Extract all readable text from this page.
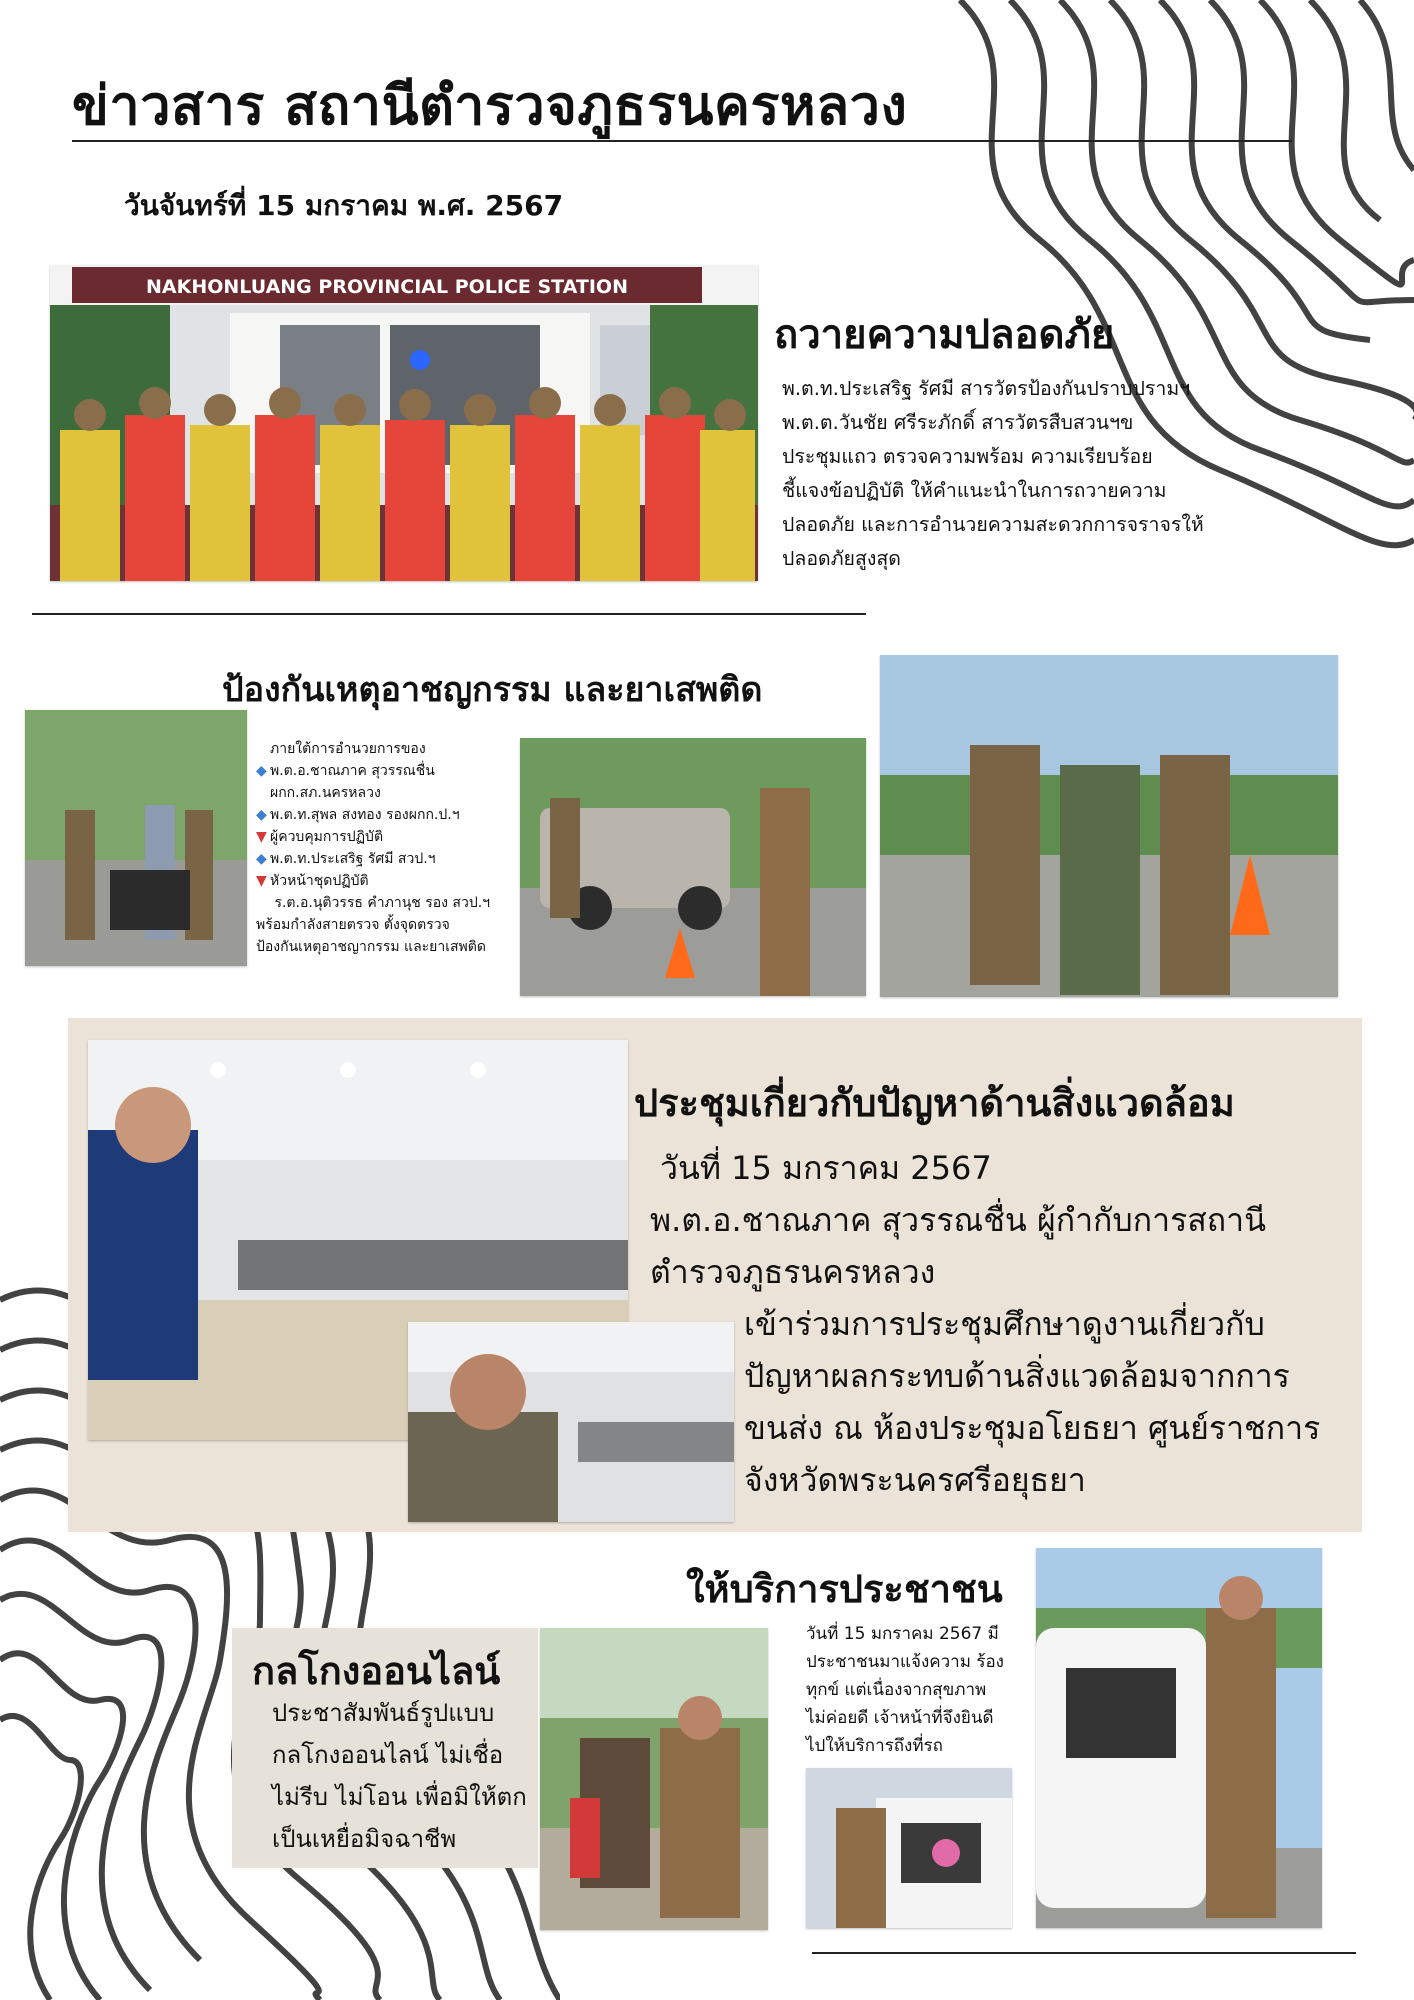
ข่าวสาร สถานีตำรวจภูธรนครหลวง
วันจันทร์ที่ 15 มกราคม พ.ศ. 2567
NAKHONLUANG PROVINCIAL POLICE STATION
ถวายความปลอดภัย

พ.ต.ท.ประเสริฐ รัศมี สารวัตรป้องกันปราบปรามฯ

พ.ต.ต.วันชัย ศรีระภักดิ์ สารวัตรสืบสวนฯข

ประชุมแถว ตรวจความพร้อม ความเรียบร้อย

ชี้แจงข้อปฏิบัติ ให้คำแนะนำในการถวายความ

ปลอดภัย และการอำนวยความสะดวกการจราจรให้

ปลอดภัยสูงสุด

ป้องกันเหตุอาชญกรรม และยาเสพติด

ภายใต้การอำนวยการของ

◆ พ.ต.อ.ชาณภาค สุวรรณชื่น

ผกก.สภ.นครหลวง

◆ พ.ต.ท.สุพล สงทอง รองผกก.ป.ฯ

▼ ผู้ควบคุมการปฏิบัติ

◆ พ.ต.ท.ประเสริฐ รัศมี สวป.ฯ

▼ หัวหน้าชุดปฏิบัติ

ร.ต.อ.นุติวรรธ คำภานุช รอง สวป.ฯ

พร้อมกำลังสายตรวจ ตั้งจุดตรวจ

ป้องกันเหตุอาชญากรรม และยาเสพติด

ประชุมเกี่ยวกับปัญหาด้านสิ่งแวดล้อม

วันที่ 15 มกราคม 2567

พ.ต.อ.ชาณภาค สุวรรณชื่น ผู้กำกับการสถานี

ตำรวจภูธรนครหลวง

เข้าร่วมการประชุมศึกษาดูงานเกี่ยวกับ

ปัญหาผลกระทบด้านสิ่งแวดล้อมจากการ

ขนส่ง ณ ห้องประชุมอโยธยา ศูนย์ราชการ

จังหวัดพระนครศรีอยุธยา

ให้บริการประชาชน

วันที่ 15 มกราคม 2567 มี

ประชาชนมาแจ้งความ ร้อง

ทุกข์ แต่เนื่องจากสุขภาพ

ไม่ค่อยดี เจ้าหน้าที่จึงยินดี

ไปให้บริการถึงที่รถ

กลโกงออนไลน์

ประชาสัมพันธ์รูปแบบ

กลโกงออนไลน์ ไม่เชื่อ

ไม่รีบ ไม่โอน เพื่อมิให้ตก

เป็นเหยื่อมิจฉาชีพ
